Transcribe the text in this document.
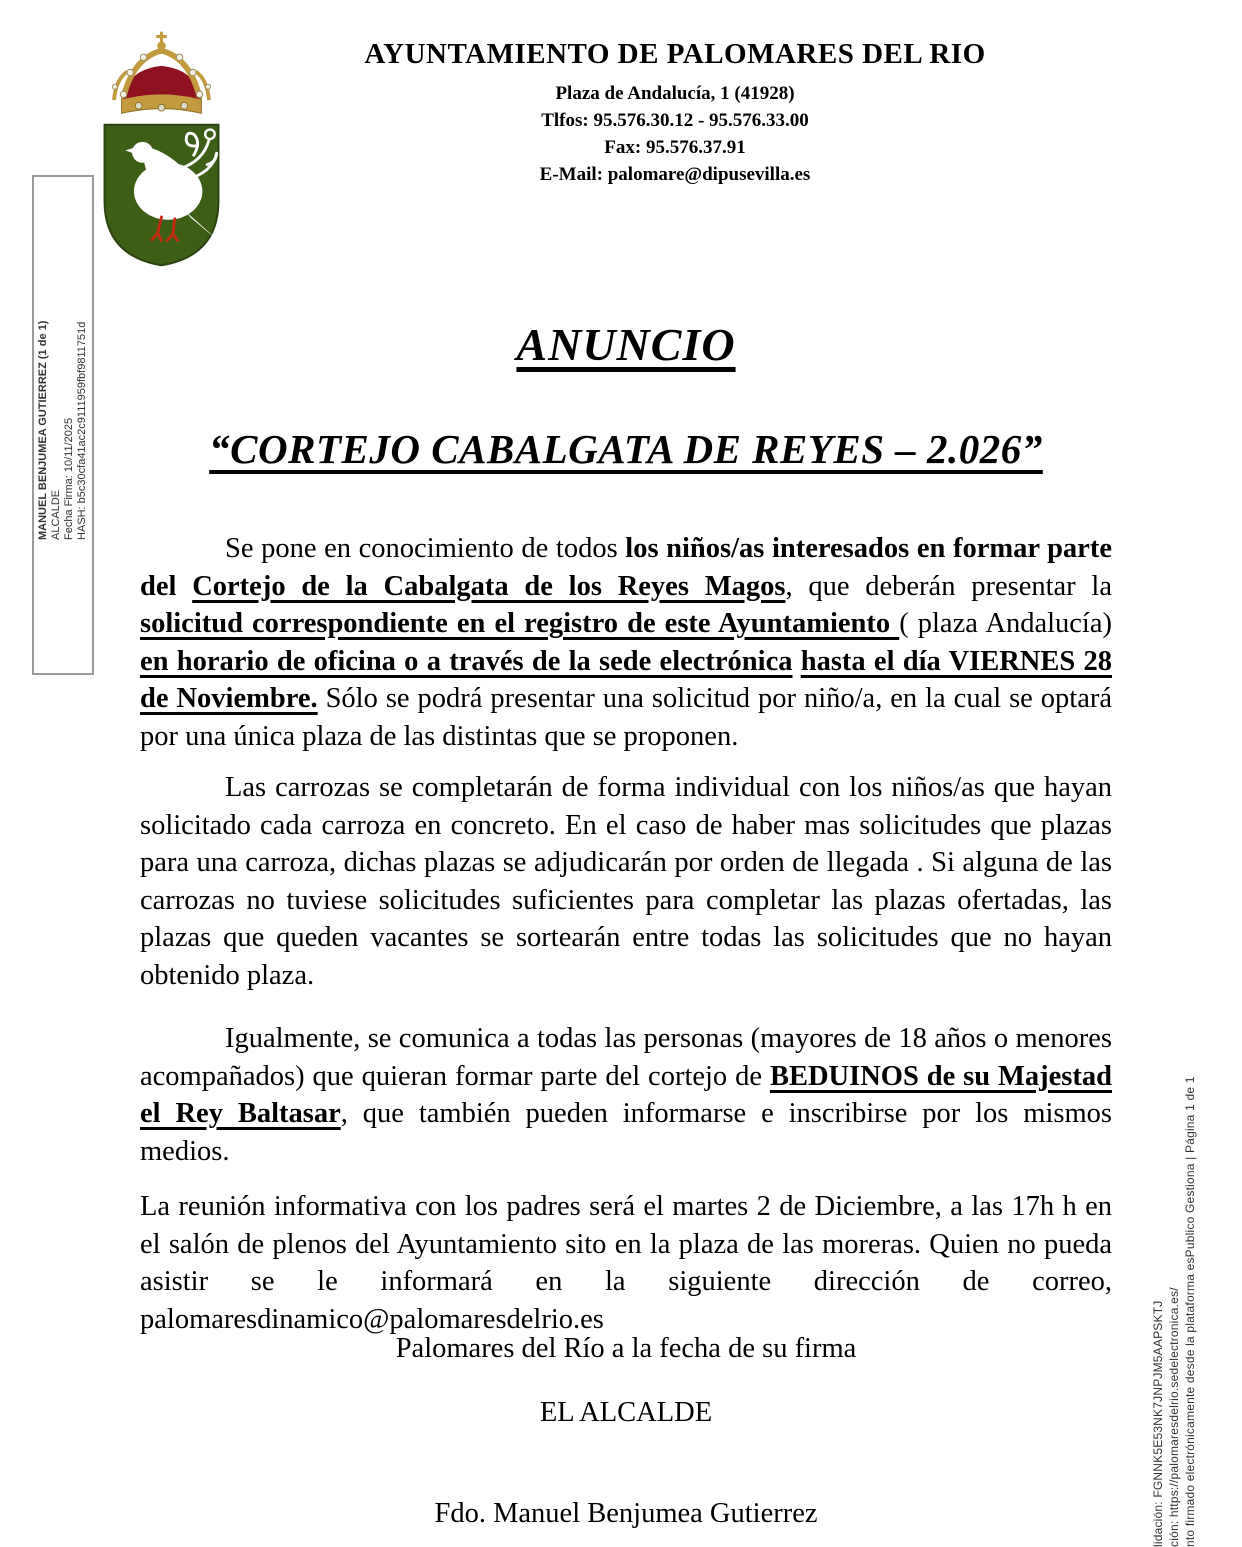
AYUNTAMIENTO DE PALOMARES DEL RIO
Plaza de Andalucía, 1 (41928)
Tlfos: 95.576.30.12 - 95.576.33.00
Fax: 95.576.37.91
E-Mail: palomare@dipusevilla.es
MANUEL BENJUMEA GUTIERREZ (1 de 1) ALCALDE Fecha Firma: 10/11/2025 HASH: b5c30cfa41ac2c9111959fbf9811751d
lidación: FGNNK5E53NK7JNPJM5AAPSKTJ ción: https://palomaresdelrio.sedelectronica.es/ nto firmado electrónicamente desde la plataforma esPublico Gestiona | Página 1 de 1
ANUNCIO
“CORTEJO CABALGATA DE REYES – 2.026”

Se pone en conocimiento de todos los niños/as interesados en formar parte del Cortejo de la Cabalgata de los Reyes Magos, que deberán presentar la solicitud correspondiente en el registro de este Ayuntamiento ( plaza Andalucía) en horario de oficina o a través de la sede electrónica hasta el día VIERNES 28 de Noviembre. Sólo se podrá presentar una solicitud por niño/a, en la cual se optará por una única plaza de las distintas que se proponen.

Las carrozas se completarán de forma individual con los niños/as que hayan solicitado cada carroza en concreto. En el caso de haber mas solicitudes que plazas para una carroza, dichas plazas se adjudicarán por orden de llegada . Si alguna de las carrozas no tuviese solicitudes suficientes para completar las plazas ofertadas, las plazas que queden vacantes se sortearán entre todas las solicitudes que no hayan obtenido plaza.

Igualmente, se comunica a todas las personas (mayores de 18 años o menores acompañados) que quieran formar parte del cortejo de BEDUINOS de su Majestad el Rey Baltasar, que también pueden informarse e inscribirse por los mismos medios.

La reunión informativa con los padres será el martes 2 de Diciembre, a las 17h h en el salón de plenos del Ayuntamiento sito en la plaza de las moreras. Quien no pueda asistir se le informará en la siguiente dirección de correo, palomaresdinamico@palomaresdelrio.es

Palomares del Río a la fecha de su firma
EL ALCALDE
Fdo. Manuel Benjumea Gutierrez
